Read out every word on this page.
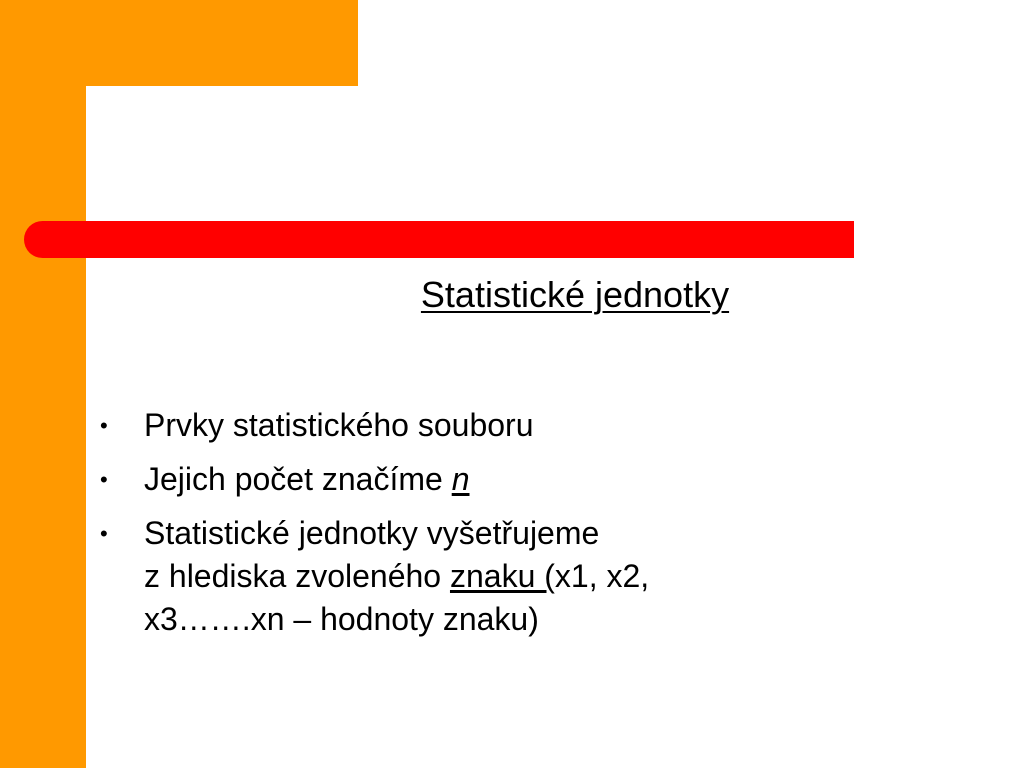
Statistické jednotky
• Prvky statistického souboru
• Jejich počet značíme n
• Statistické jednotky vyšetřujeme
z hlediska zvoleného znaku (x1, x2,
x3…….xn – hodnoty znaku)
